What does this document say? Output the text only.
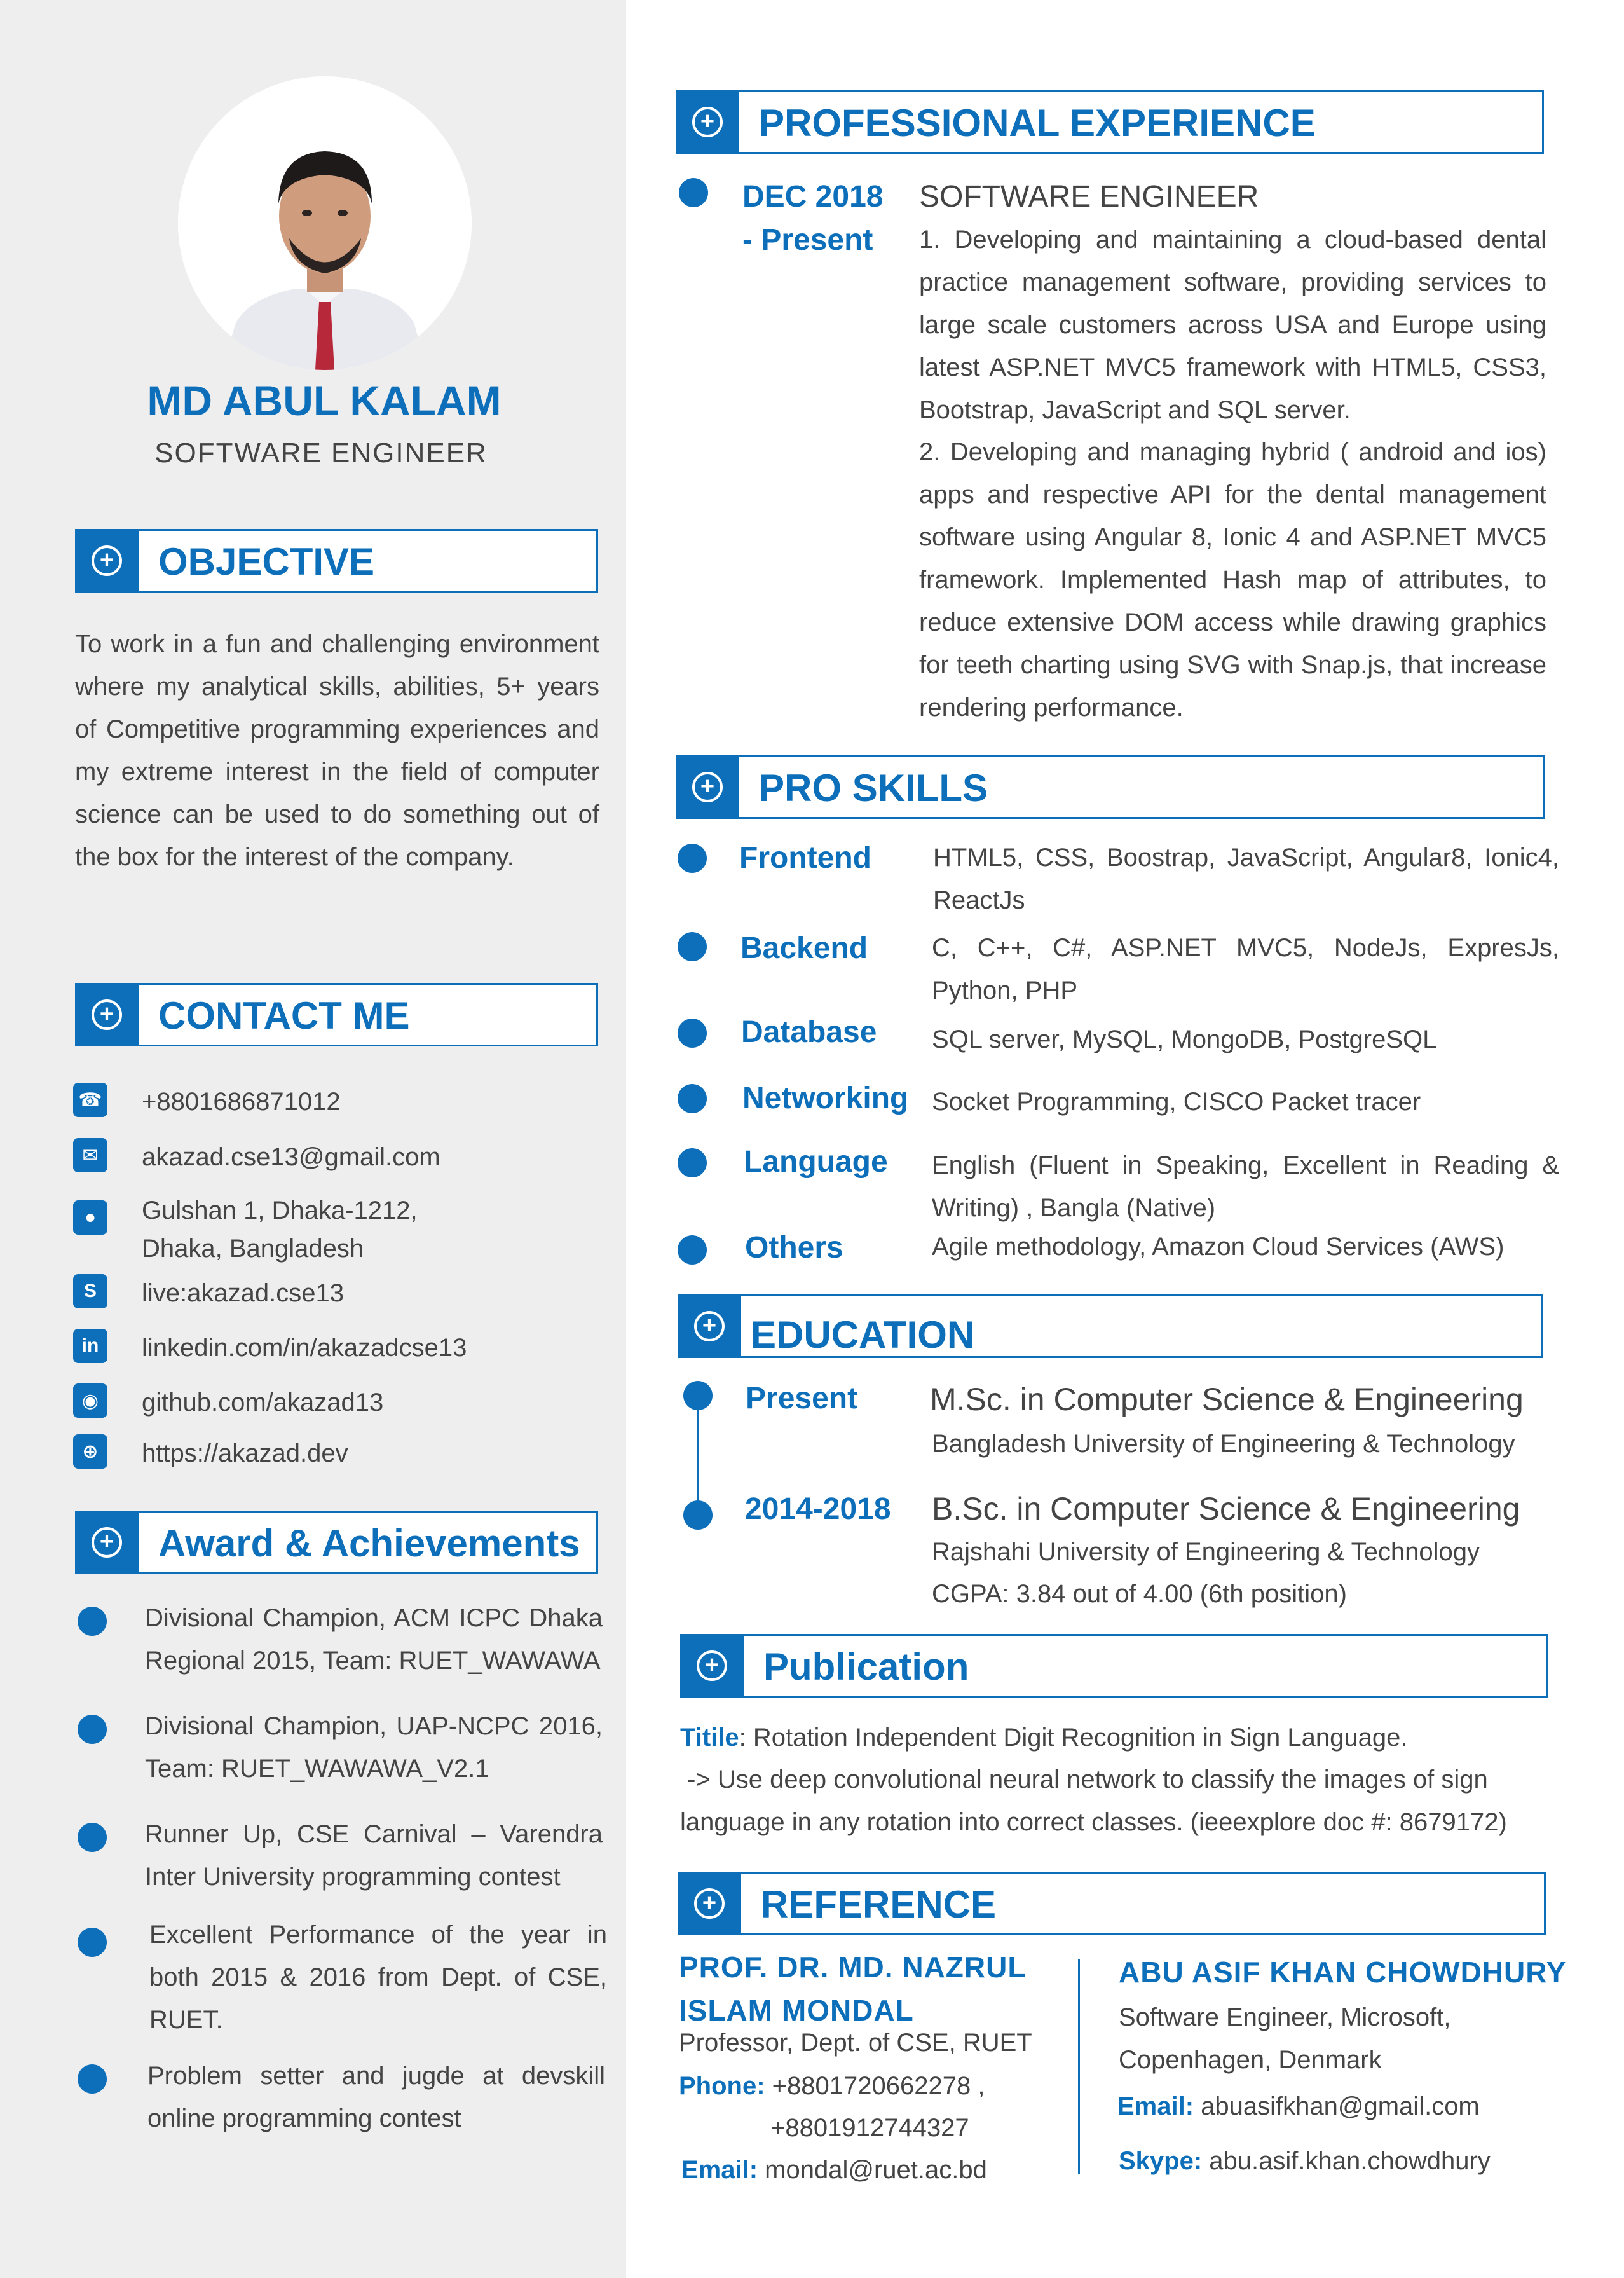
MD ABUL KALAM
SOFTWARE ENGINEER
+ OBJECTIVE
To work in a fun and challenging environment where my analytical skills, abilities, 5+ years of Competitive programming experiences and my extreme interest in the field of computer science can be used to do something out of the box for the interest of the company.
+ CONTACT ME
☎ +8801686871012
✉	akazad.cse13@gmail.com
●	Gulshan 1, Dhaka-1212,
Dhaka, Bangladesh
S	live:akazad.cse13
in	linkedin.com/in/akazadcse13
◉	github.com/akazad13
⊕	https://akazad.dev
+ Award & Achievements
Divisional Champion, ACM ICPC Dhaka Regional 2015, Team: RUET_WAWAWA
Divisional Champion, UAP-NCPC 2016, Team: RUET_WAWAWA_V2.1
Runner Up, CSE Carnival – Varendra Inter University programming contest
Excellent Performance of the year in both 2015 & 2016 from Dept. of CSE, RUET.
Problem setter and jugde at devskill online programming contest
+ PROFESSIONAL EXPERIENCE
DEC 2018
- Present
SOFTWARE ENGINEER
1. Developing and maintaining a cloud-based dental practice management software, providing services to large scale customers across USA and Europe using latest ASP.NET MVC5 framework with HTML5, CSS3, Bootstrap, JavaScript and SQL server.
2. Developing and managing hybrid ( android and ios) apps and respective API for the dental management software using Angular 8, Ionic 4 and ASP.NET MVC5 framework. Implemented Hash map of attributes, to reduce extensive DOM access while drawing graphics for teeth charting using SVG with Snap.js, that increase rendering performance.
+ PRO SKILLS
Frontend HTML5, CSS, Boostrap, JavaScript, Angular8, Ionic4, ReactJs
Backend	C, C++, C#, ASP.NET MVC5, NodeJs, ExpresJs, Python, PHP
Database SQL server, MySQL, MongoDB, PostgreSQL
Networking Socket Programming, CISCO Packet tracer
Language English (Fluent in Speaking, Excellent in Reading & Writing) , Bangla (Native)
Others	Agile methodology, Amazon Cloud Services (AWS)
+ EDUCATION
Present M.Sc. in Computer Science & Engineering
Bangladesh University of Engineering & Technology
2014-2018 B.Sc. in Computer Science & Engineering
Rajshahi University of Engineering & Technology
CGPA: 3.84 out of 4.00 (6th position)
+ Publication
Titile: Rotation Independent Digit Recognition in Sign Language.
-> Use deep convolutional neural network to classify the images of sign language in any rotation into correct classes. (ieeexplore doc #: 8679172)
+ REFERENCE
PROF. DR. MD. NAZRUL
ISLAM MONDAL
Professor, Dept. of CSE, RUET
Phone: +8801720662278 ,
+8801912744327
Email: mondal@ruet.ac.bd
ABU ASIF KHAN CHOWDHURY
Software Engineer, Microsoft,
Copenhagen, Denmark
Email: abuasifkhan@gmail.com
Skype: abu.asif.khan.chowdhury
